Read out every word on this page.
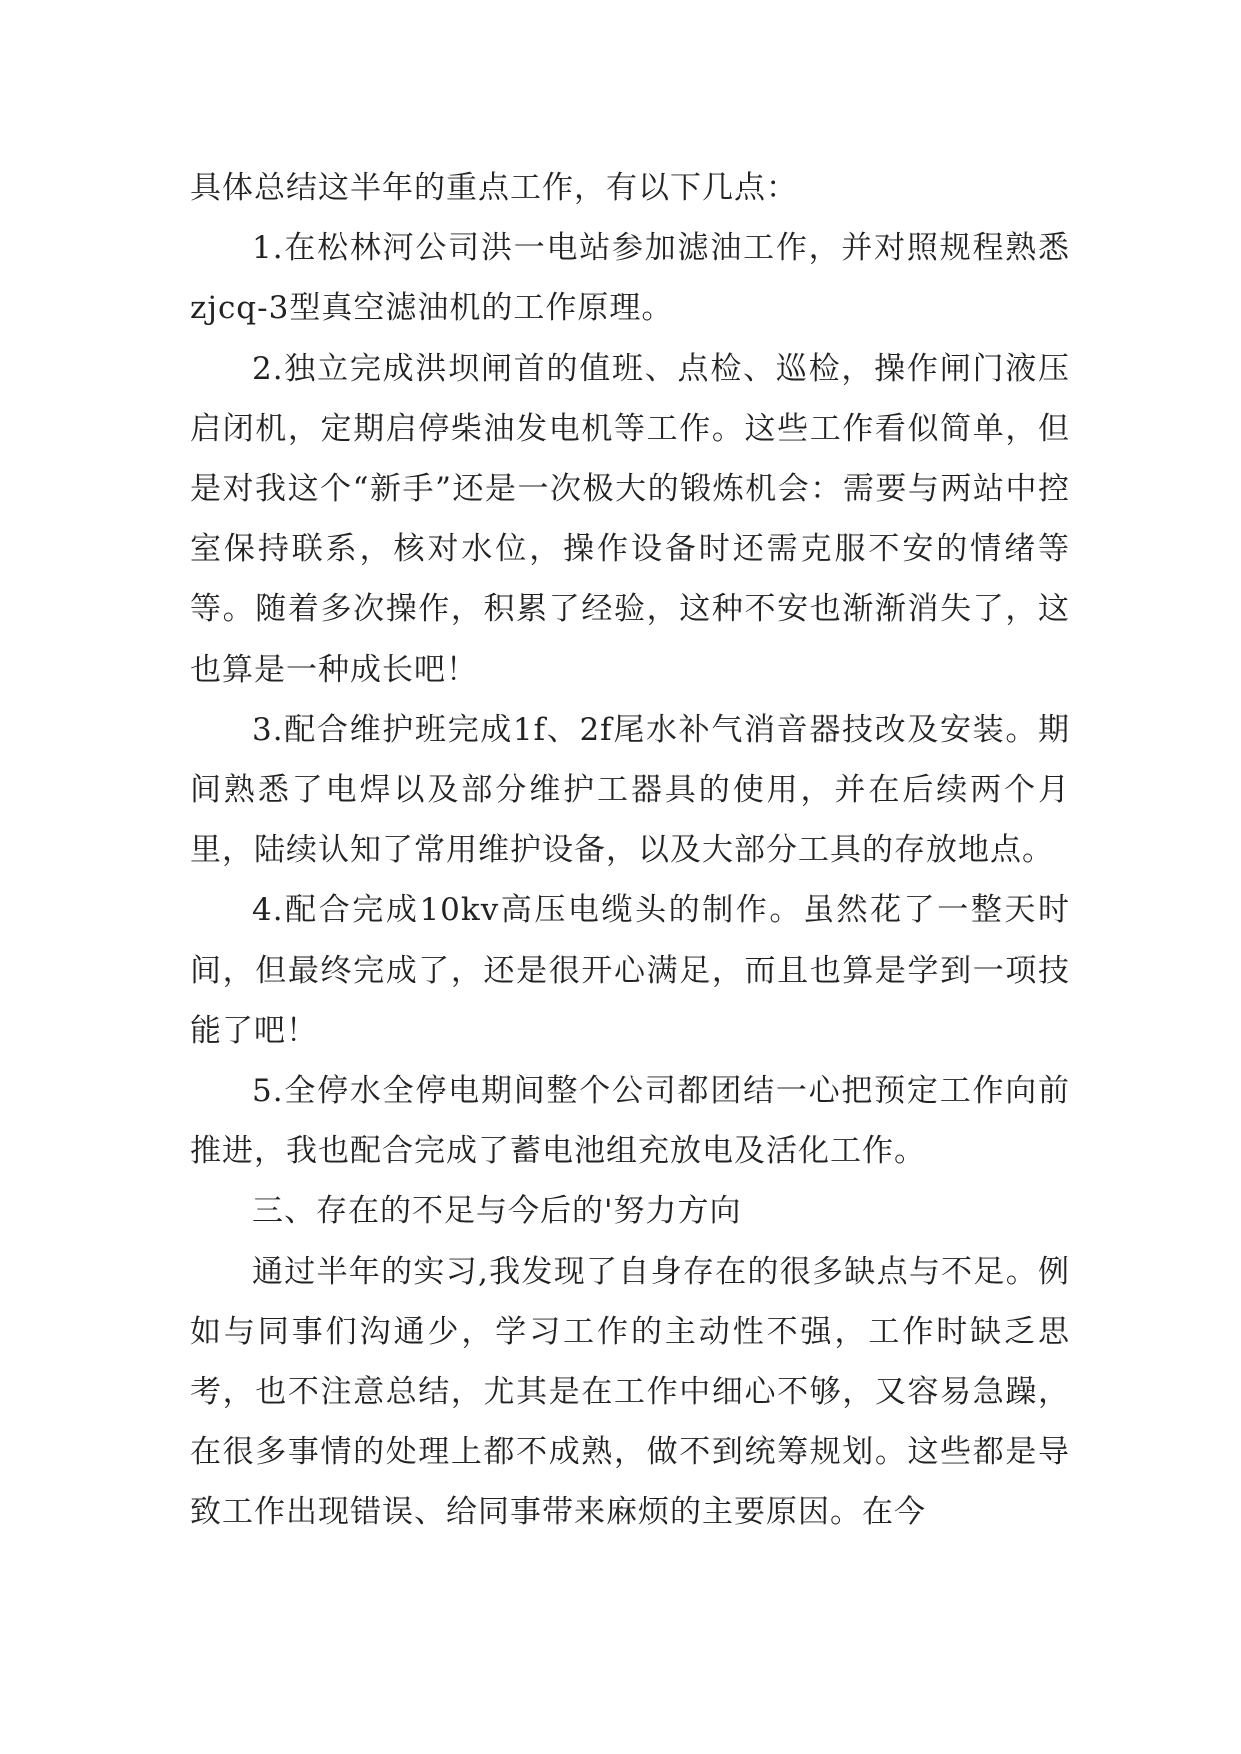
具体总结这半年的重点工作，有以下几点：

1.在松林河公司洪一电站参加滤油工作，并对照规程熟悉zjcq-3型真空滤油机的工作原理。

2.独立完成洪坝闸首的值班、点检、巡检，操作闸门液压启闭机，定期启停柴油发电机等工作。这些工作看似简单，但是对我这个“新手”还是一次极大的锻炼机会：需要与两站中控室保持联系，核对水位，操作设备时还需克服不安的情绪等等。随着多次操作，积累了经验，这种不安也渐渐消失了，这也算是一种成长吧！

3.配合维护班完成1f、2f尾水补气消音器技改及安装。期间熟悉了电焊以及部分维护工器具的使用，并在后续两个月里，陆续认知了常用维护设备，以及大部分工具的存放地点。

4.配合完成10kv高压电缆头的制作。虽然花了一整天时间，但最终完成了，还是很开心满足，而且也算是学到一项技能了吧！

5.全停水全停电期间整个公司都团结一心把预定工作向前推进，我也配合完成了蓄电池组充放电及活化工作。

三、存在的不足与今后的'努力方向

通过半年的实习,我发现了自身存在的很多缺点与不足。例如与同事们沟通少，学习工作的主动性不强，工作时缺乏思考，也不注意总结，尤其是在工作中细心不够，又容易急躁，在很多事情的处理上都不成熟，做不到统筹规划。这些都是导致工作出现错误、给同事带来麻烦的主要原因。在今
